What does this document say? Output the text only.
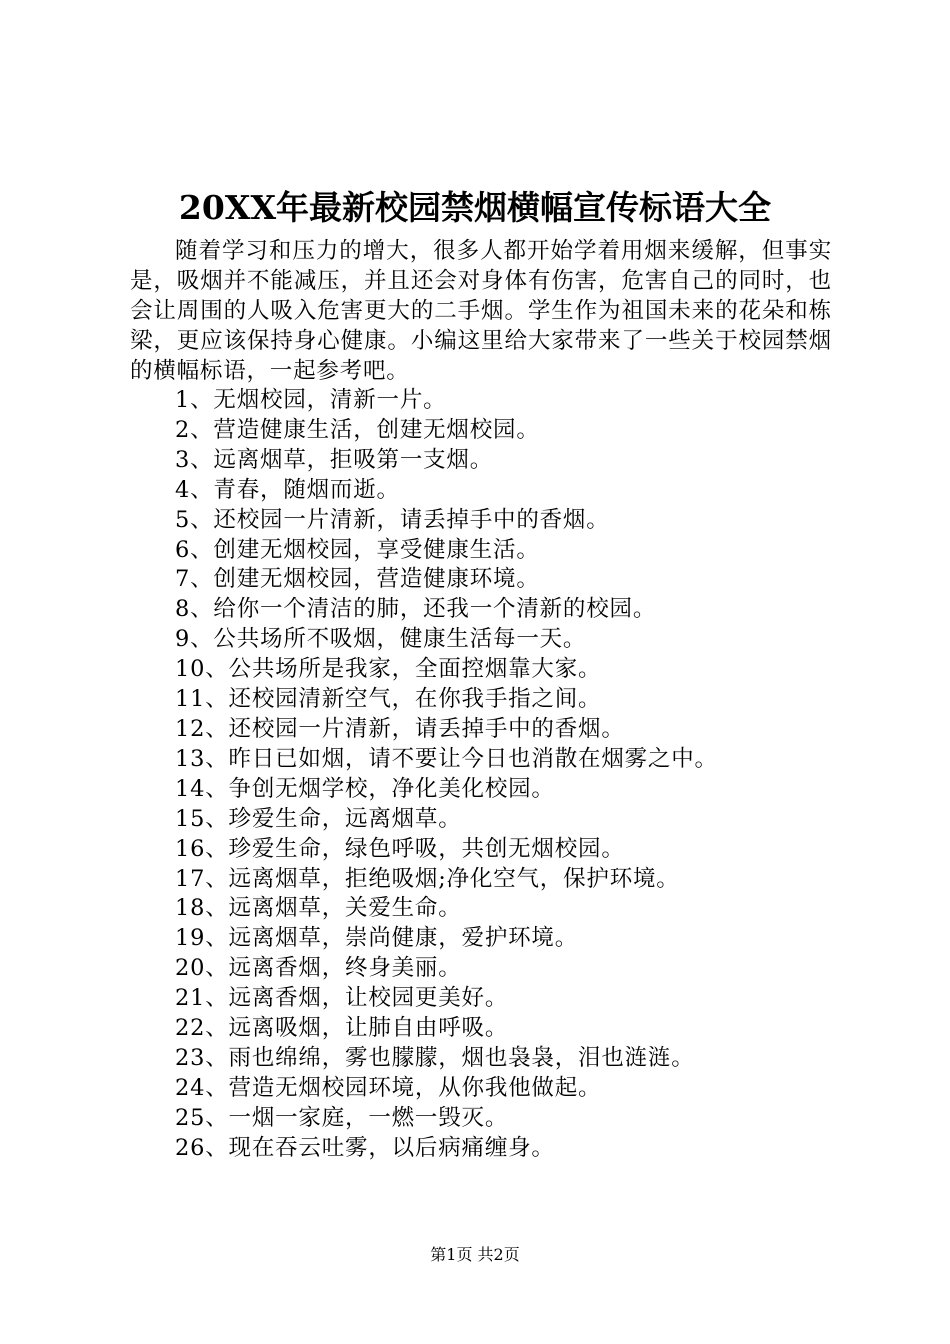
20XX年最新校园禁烟横幅宣传标语大全

随着学习和压力的增大，很多人都开始学着用烟来缓解，但事实是，吸烟并不能减压，并且还会对身体有伤害，危害自己的同时，也会让周围的人吸入危害更大的二手烟。学生作为祖国未来的花朵和栋梁，更应该保持身心健康。小编这里给大家带来了一些关于校园禁烟的横幅标语，一起参考吧。

1、无烟校园，清新一片。
2、营造健康生活，创建无烟校园。
3、远离烟草，拒吸第一支烟。
4、青春，随烟而逝。
5、还校园一片清新，请丢掉手中的香烟。
6、创建无烟校园，享受健康生活。
7、创建无烟校园，营造健康环境。
8、给你一个清洁的肺，还我一个清新的校园。
9、公共场所不吸烟，健康生活每一天。
10、公共场所是我家，全面控烟靠大家。
11、还校园清新空气，在你我手指之间。
12、还校园一片清新，请丢掉手中的香烟。
13、昨日已如烟，请不要让今日也消散在烟雾之中。
14、争创无烟学校，净化美化校园。
15、珍爱生命，远离烟草。
16、珍爱生命，绿色呼吸，共创无烟校园。
17、远离烟草，拒绝吸烟;净化空气，保护环境。
18、远离烟草，关爱生命。
19、远离烟草，崇尚健康，爱护环境。
20、远离香烟，终身美丽。
21、远离香烟，让校园更美好。
22、远离吸烟，让肺自由呼吸。
23、雨也绵绵，雾也朦朦，烟也袅袅，泪也涟涟。
24、营造无烟校园环境，从你我他做起。
25、一烟一家庭，一燃一毁灭。
26、现在吞云吐雾，以后病痛缠身。
第1页 共2页
